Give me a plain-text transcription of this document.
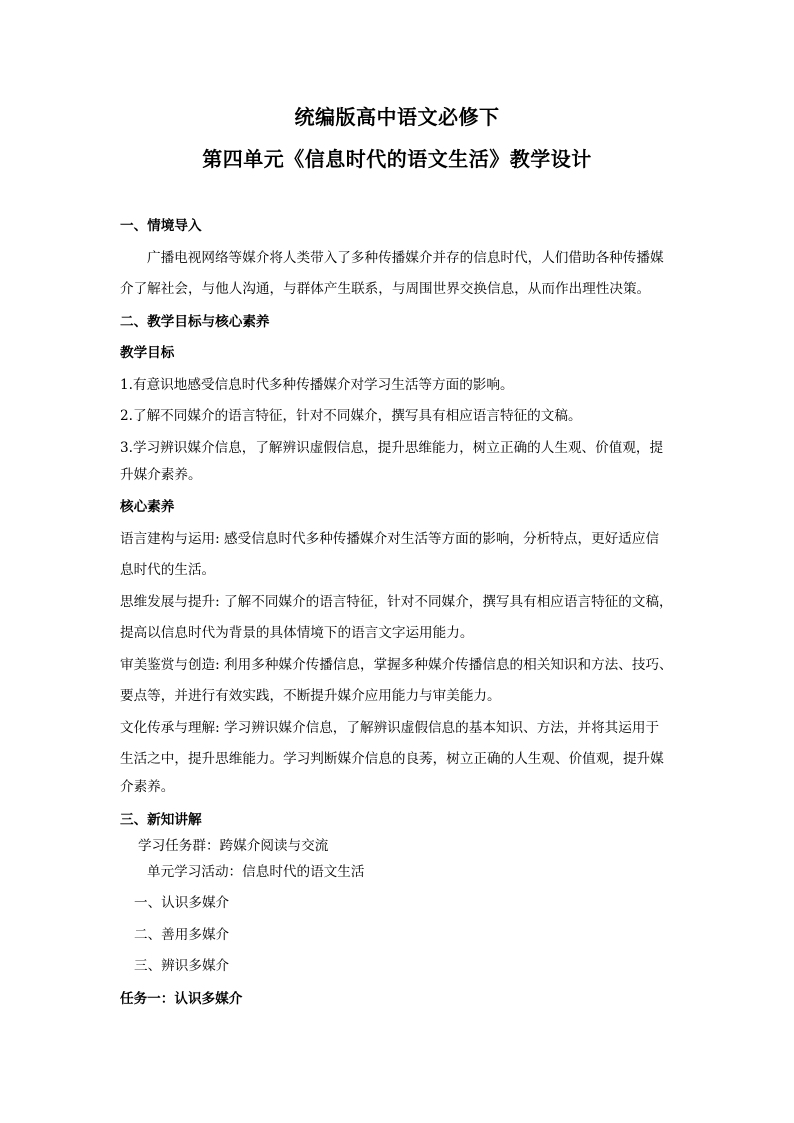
统编版高中语文必修下
第四单元《信息时代的语文生活》教学设计
一、情境导入
广播电视网络等媒介将人类带入了多种传播媒介并存的信息时代，人们借助各种传播媒
介了解社会，与他人沟通，与群体产生联系，与周围世界交换信息，从而作出理性决策。
二、教学目标与核心素养
教学目标
1.有意识地感受信息时代多种传播媒介对学习生活等方面的影响。
2.了解不同媒介的语言特征，针对不同媒介，撰写具有相应语言特征的文稿。
3.学习辨识媒介信息，了解辨识虚假信息，提升思维能力，树立正确的人生观、价值观，提
升媒介素养。
核心素养
语言建构与运用: 感受信息时代多种传播媒介对生活等方面的影响，分析特点，更好适应信
息时代的生活。
思维发展与提升: 了解不同媒介的语言特征，针对不同媒介，撰写具有相应语言特征的文稿，
提高以信息时代为背景的具体情境下的语言文字运用能力。
审美鉴赏与创造: 利用多种媒介传播信息，掌握多种媒介传播信息的相关知识和方法、技巧、
要点等，并进行有效实践，不断提升媒介应用能力与审美能力。
文化传承与理解: 学习辨识媒介信息，了解辨识虚假信息的基本知识、方法，并将其运用于
生活之中，提升思维能力。学习判断媒介信息的良莠，树立正确的人生观、价值观，提升媒
介素养。
三、新知讲解
学习任务群：跨媒介阅读与交流
单元学习活动：信息时代的语文生活
一、认识多媒介
二、善用多媒介
三、辨识多媒介
任务一：认识多媒介
